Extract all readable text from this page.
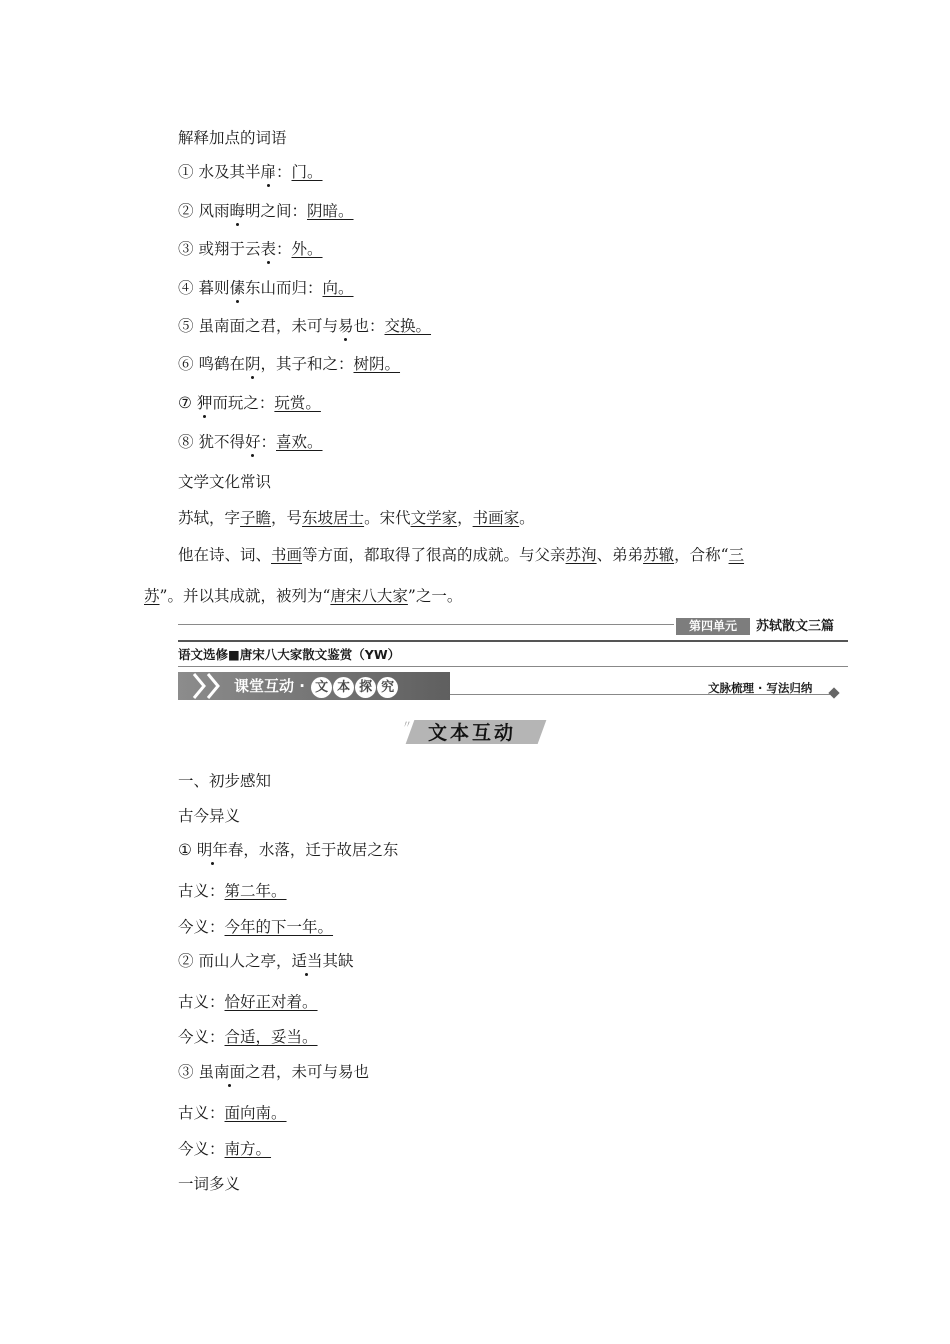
解释加点的词语
① 水及其半扉：门。
② 风雨晦明之间：阴暗。
③ 或翔于云表：外。
④ 暮则傃东山而归：向。
⑤ 虽南面之君，未可与易也：交换。
⑥ 鸣鹤在阴，其子和之：树阴。
⑦ 狎而玩之：玩赏。
⑧ 犹不得好：喜欢。
文学文化常识
苏轼，字子瞻，号东坡居士。宋代文学家，书画家。
他在诗、词、书画等方面，都取得了很高的成就。与父亲苏洵、弟弟苏辙，合称“三
苏”。并以其成就，被列为“唐宋八大家”之一。
第四单元	苏轼散文三篇
语文选修■唐宋八大家散文鉴赏（YW）
课堂互动 · 文 本 探 究	文脉梳理 · 写法归纳
〃 文本互动
一、初步感知
古今异义
① 明年春，水落，迁于故居之东
古义：第二年。
今义：今年的下一年。
② 而山人之亭，适当其缺
古义：恰好正对着。
今义：合适，妥当。
③ 虽南面之君，未可与易也
古义：面向南。
今义：南方。
一词多义
